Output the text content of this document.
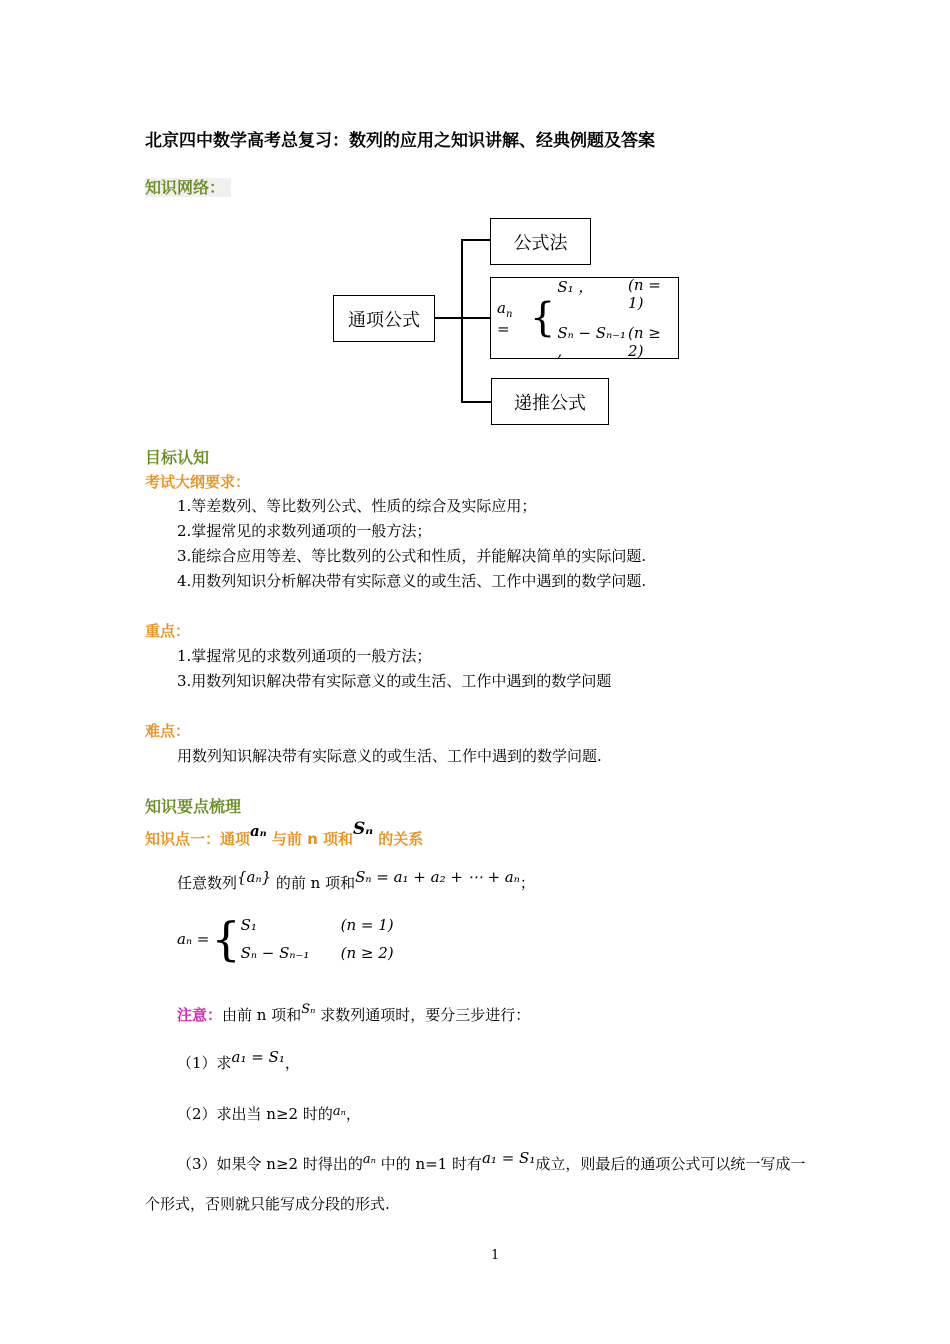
北京四中数学高考总复习：数列的应用之知识讲解、经典例题及答案
知识网络：
通项公式
公式法
递推公式
$a_n$ = {
S₁ ，	(n = 1)
Sₙ − Sₙ₋₁ ,
(n ≥ 2)
目标认知
考试大纲要求：
1.等差数列、等比数列公式、性质的综合及实际应用；
2.掌握常见的求数列通项的一般方法；
3.能综合应用等差、等比数列的公式和性质，并能解决简单的实际问题.
4.用数列知识分析解决带有实际意义的或生活、工作中遇到的数学问题.
重点：
1.掌握常见的求数列通项的一般方法；
3.用数列知识解决带有实际意义的或生活、工作中遇到的数学问题
难点：
用数列知识解决带有实际意义的或生活、工作中遇到的数学问题.
知识要点梳理
知识点一：通项aₙ 与前 n 项和Sₙ 的关系
任意数列{aₙ} 的前 n 项和Sₙ = a₁ + a₂ + ⋯ + aₙ；
aₙ = { S₁	(n = 1)
Sₙ − Sₙ₋₁	(n ≥ 2)
注意：由前 n 项和Sₙ 求数列通项时，要分三步进行：
（1）求a₁ = S₁，
（2）求出当 n≥2 时的aₙ，
（3）如果令 n≥2 时得出的aₙ 中的 n=1 时有a₁ = S₁成立，则最后的通项公式可以统一写成一
个形式，否则就只能写成分段的形式.
1
